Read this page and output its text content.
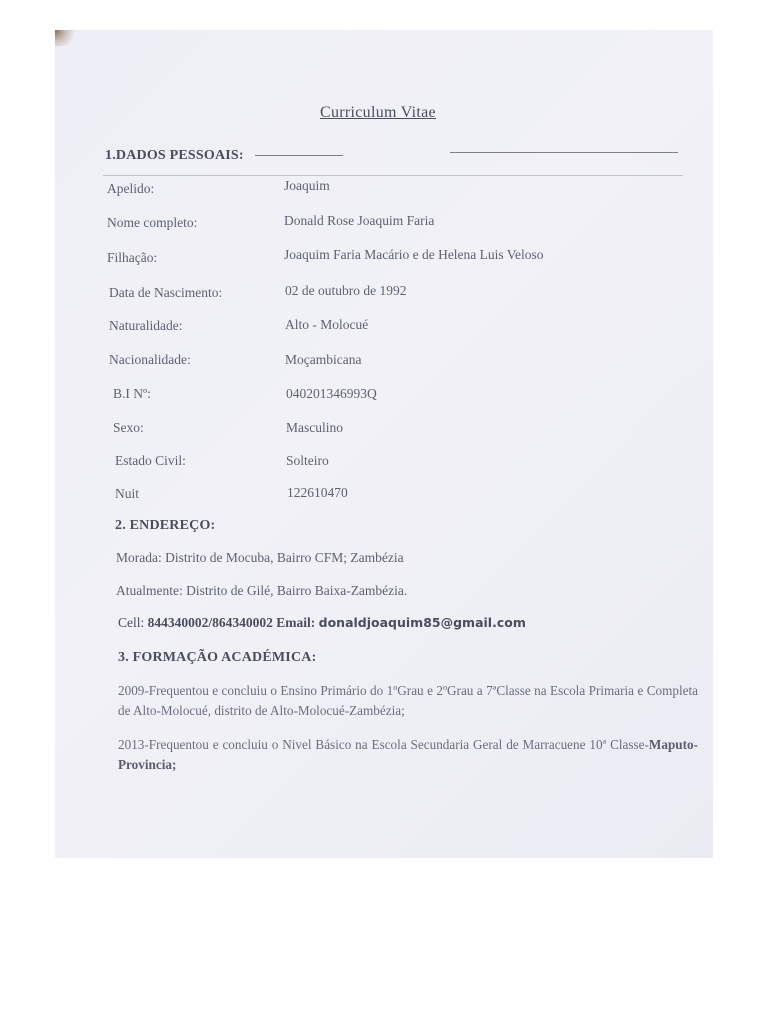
Curriculum Vitae
1.DADOS PESSOAIS:
Apelido:	Joaquim
Nome completo:	Donald Rose Joaquim Faria
Filhação:	Joaquim Faria Macário e de Helena Luis Veloso
Data de Nascimento:	02 de outubro de 1992
Naturalidade:	Alto - Molocué
Nacionalidade:	Moçambicana
B.I Nº:	040201346993Q
Sexo:	Masculino
Estado Civil:	Solteiro
Nuit	122610470
2. ENDEREÇO:
Morada: Distrito de Mocuba, Bairro CFM; Zambézia
Atualmente: Distrito de Gilé, Bairro Baixa-Zambézia.
Cell: 844340002/864340002 Email: donaldjoaquim85@gmail.com
3. FORMAÇÃO ACADÉMICA:
2009-Frequentou e concluiu o Ensino Primário do 1ºGrau e 2ºGrau a 7ªClasse na Escola Primaria e Completa de Alto-Molocué, distrito de Alto-Molocué-Zambézia;
2013-Frequentou e concluiu o Nivel Básico na Escola Secundaria Geral de Marracuene 10ª Classe-Maputo-Provincia;
